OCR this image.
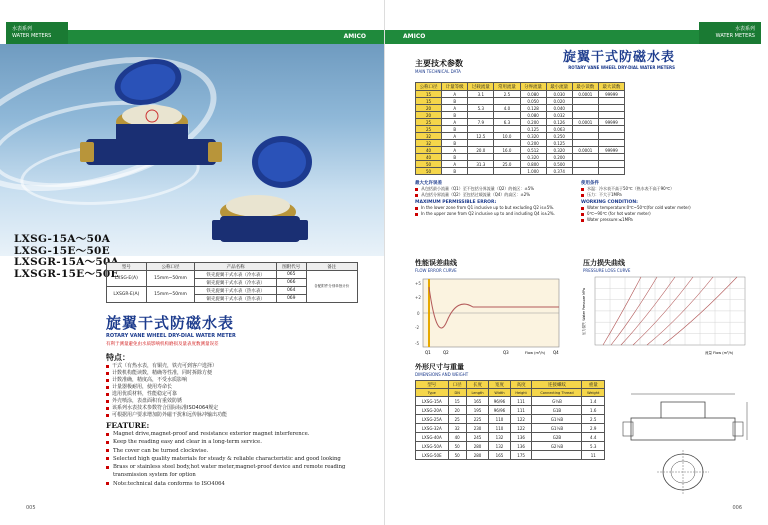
水表系列
WATER METERS	AMICO
LXSG-15A～50A
LXSG-15E～50E
LXSGR-15A～50A
LXSGR-15E～50E
型号	公称口径	产品名称	图附代号	备注
LXSG-E(A)	15mm~50mm	铁壳旋翼干式水表（冷水表）	065	各配附件分别单独计价
		铜壳旋翼干式水表（冷水表）	066	
LXSGR-E(A)	15mm~50mm	铁壳旋翼干式水表（热水表）	064	
		铜壳旋翼干式水表（热水表）	069	
旋翼干式防磁水表
ROTARY VANE WHEEL DRY-DIAL WATER METER
有利于测量避免由水质影响机构磨损及量表度数测量误差
特点：
干式（有热水表，有铜壳，铁壳可到客户选择）
计数机构能读数，精确等性准，同时拆除方便
计数准确，精度高，不受水质影响
计量器极耐用，使用寿命长
选用优质材料，性能稳定可靠
外壳喷涂，表盘面积有重效防锈
该系列水表技术参数符合国际标准ISO4064规定
可根据用户要求增加防外磁干扰和远传脉冲输出功能
FEATURE:
Magnet drive,magnet-proof and resistance exterior magnet interference.
Keep the reading easy and clear in a long-term service.
The cover can be turned clockwise.
Selected high quality materials for steady & reliable characteristic and good looking
Brass or stainless steel body,hot water meter,magnet-proof device and remote reading transmission system for option
Note:technical data conforms to ISO4064
005
AMICO
水表系列
WATER METERS
主要技术参数
MAIN TECHNICAL DATA
旋翼干式防磁水表
ROTARY VANE WHEEL DRY-DIAL WATER METERS
公称口径	计量等级	过载流量	常用流量	分界流量	最小流量	最小读数	最大读数
15	A	3.1	2.5	0.080	0.030	0.0001	99999
15	B			0.050	0.020		
20	A	5.3	4.0	0.128	0.040		
20	B			0.080	0.032		
25	A	7.9	6.3	0.200	0.126	0.0001	99999
25	B			0.125	0.063		
32	A	12.5	10.0	0.320	0.250		
32	B			0.200	0.125		
40	A	20.0	16.0	0.512	0.320	0.0001	99999
40	B			0.320	0.200		
50	A	31.3	25.0	0.800	0.500		
50	B			1.000	0.374		
最大允许误差
从包括最小流量（Q1）至不包括分界流量（Q2）的低区：±5%
从包括分界流量（Q2）至包括过载流量（Q4）的高区：±2%
MAXIMUM PERMISSIBLE ERROR:
In the lower zone from Q1 inclusive up to but excluding Q2 is±5%.
In the upper zone from Q2 inclusive up to and including Q4 is±2%.
使用条件
水温：冷水表不高于50℃（热水表不高于90℃）
压力：不大于1MPa
WORKING CONDITION:
Water temperature:0℃~50℃(for cold water meter)
0℃~90℃ (for hot water meter)
Water pressure:≤1MPa
性能误差曲线
FLOW ERROR CURVE
+5
+2
0
-2
-5
Q1	Q2	Q3	Q4
Flow (m³/h)
压力损失曲线
PRESSURE LOSS CURVE
压力损失 Water Pressure MPa
流量 Flow (m³/h)
外形尺寸与重量
DIMENSIONS AND WEIGHT
型号	口径	长度	宽度	高度	连接螺纹	重量
Type	DN	Length	Width	Height	Connecting Thread	Weight
LXSG-15A	15	165	96/96	111	G¾B	1.4
LXSG-20A	20	195	96/96	111	G1B	1.6
LXSG-25A	25	225	110	122	G1¼B	2.5
LXSG-32A	32	230	110	122	G1½B	2.9
LXSG-40A	40	245	132	136	G2B	4.4
LXSG-50A	50	280	132	136	G2½B	5.3
LXSG-50E	50	280	165	175		11
006
